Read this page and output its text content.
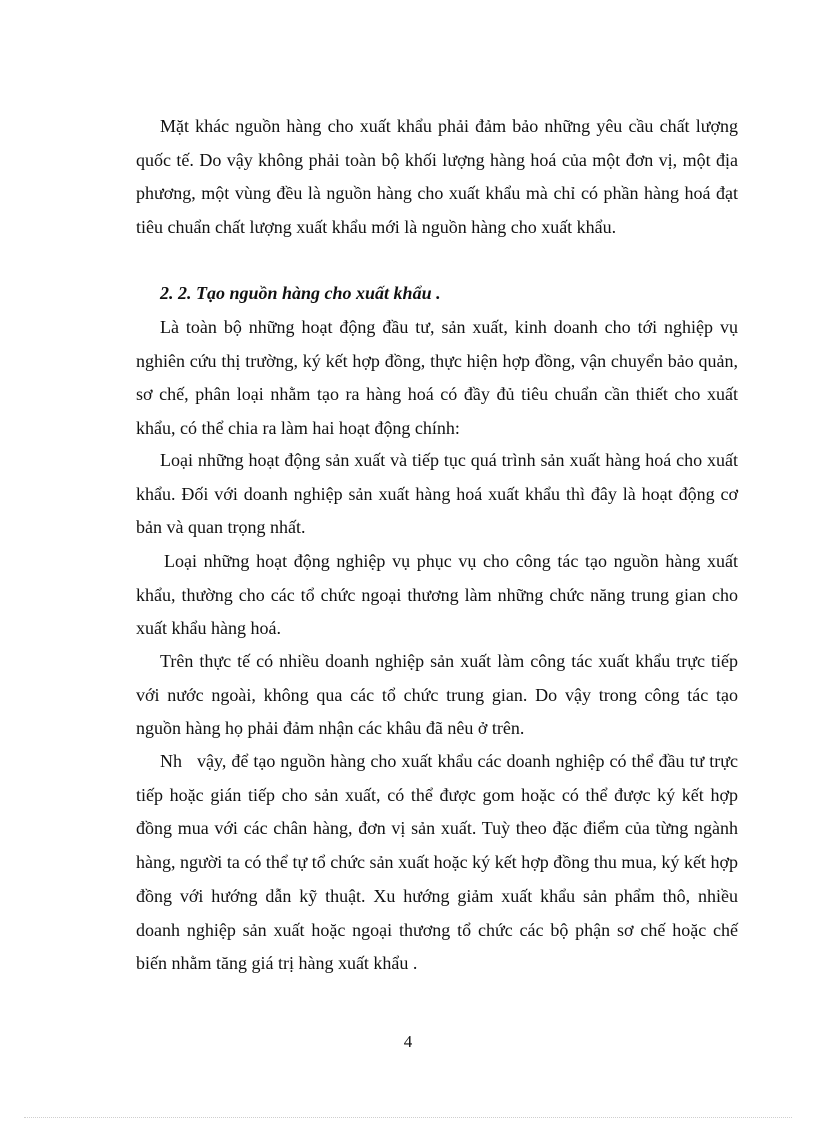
Mặt khác nguồn hàng cho xuất khẩu phải đảm bảo những yêu cầu chất lượng quốc tế. Do vậy không phải toàn bộ khối lượng hàng hoá của một đơn vị, một địa phương, một vùng đều là nguồn hàng cho xuất khẩu mà chỉ có phần hàng hoá đạt tiêu chuẩn chất lượng xuất khẩu mới là nguồn hàng cho xuất khẩu.

2. 2. Tạo nguồn hàng cho xuất khẩu .

Là toàn bộ những hoạt động đầu tư, sản xuất, kinh doanh cho tới nghiệp vụ nghiên cứu thị trường, ký kết hợp đồng, thực hiện hợp đồng, vận chuyển bảo quản, sơ chế, phân loại nhằm tạo ra hàng hoá có đầy đủ tiêu chuẩn cần thiết cho xuất khẩu, có thể chia ra làm hai hoạt động chính:

Loại những hoạt động sản xuất và tiếp tục quá trình sản xuất hàng hoá cho xuất khẩu. Đối với doanh nghiệp sản xuất hàng hoá xuất khẩu thì đây là hoạt động cơ bản và quan trọng nhất.

Loại những hoạt động nghiệp vụ phục vụ cho công tác tạo nguồn hàng xuất khẩu, thường cho các tổ chức ngoại thương làm những chức năng trung gian cho xuất khẩu hàng hoá.

Trên thực tế có nhiều doanh nghiệp sản xuất làm công tác xuất khẩu trực tiếp với nước ngoài, không qua các tổ chức trung gian. Do vậy trong công tác tạo nguồn hàng họ phải đảm nhận các khâu đã nêu ở trên.

Nh   vậy, để tạo nguồn hàng cho xuất khẩu các doanh nghiệp có thể đầu tư trực tiếp hoặc gián tiếp cho sản xuất, có thể được gom hoặc có thể được ký kết hợp đồng mua với các chân hàng, đơn vị sản xuất. Tuỳ theo đặc điểm của từng ngành hàng, người ta có thể tự tổ chức sản xuất hoặc ký kết hợp đồng thu mua, ký kết hợp đồng với hướng dẫn kỹ thuật. Xu hướng giảm xuất khẩu sản phẩm thô, nhiều doanh nghiệp sản xuất hoặc ngoại thương tổ chức các bộ phận sơ chế hoặc chế biến nhằm tăng giá trị hàng xuất khẩu .

4
